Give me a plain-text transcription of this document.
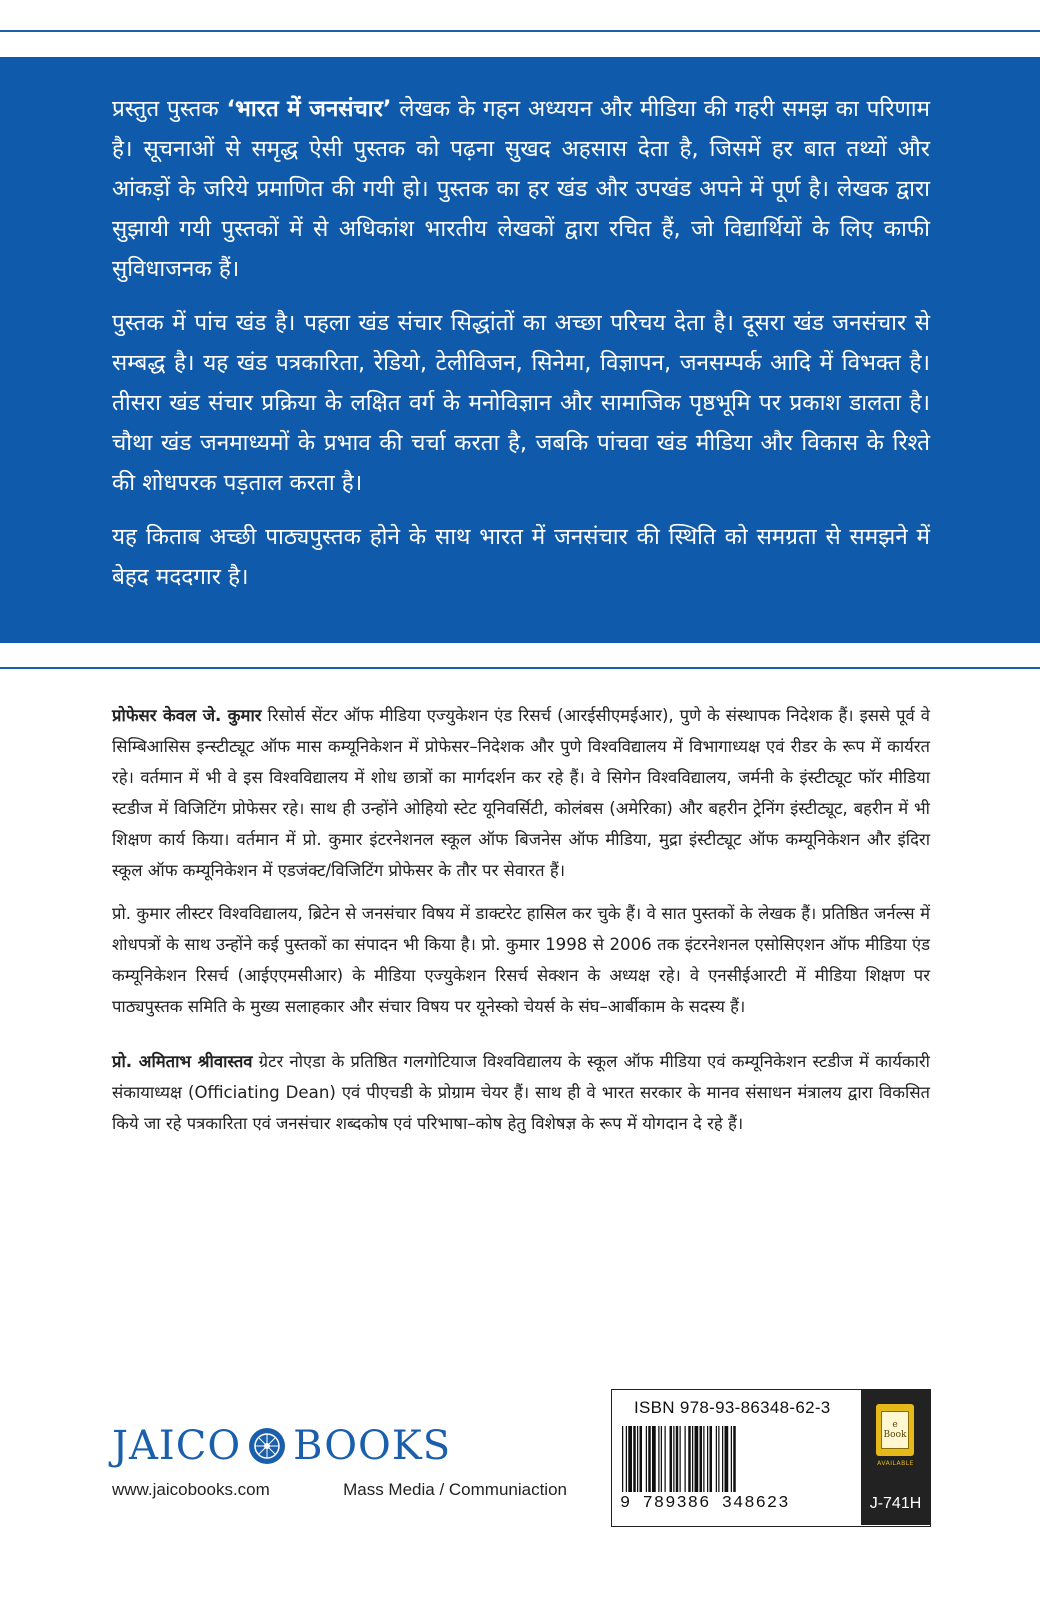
प्रस्तुत पुस्तक ‘भारत में जनसंचार’ लेखक के गहन अध्ययन और मीडिया की गहरी समझ का परिणाम है। सूचनाओं से समृद्ध ऐसी पुस्तक को पढ़ना सुखद अहसास देता है, जिसमें हर बात तथ्यों और आंकड़ों के जरिये प्रमाणित की गयी हो। पुस्तक का हर खंड और उपखंड अपने में पूर्ण है। लेखक द्वारा सुझायी गयी पुस्तकों में से अधिकांश भारतीय लेखकों द्वारा रचित हैं, जो विद्यार्थियों के लिए काफी सुविधाजनक हैं।

पुस्तक में पांच खंड है। पहला खंड संचार सिद्धांतों का अच्छा परिचय देता है। दूसरा खंड जनसंचार से सम्बद्ध है। यह खंड पत्रकारिता, रेडियो, टेलीविजन, सिनेमा, विज्ञापन, जनसम्पर्क आदि में विभक्त है। तीसरा खंड संचार प्रक्रिया के लक्षित वर्ग के मनोविज्ञान और सामाजिक पृष्ठभूमि पर प्रकाश डालता है। चौथा खंड जनमाध्यमों के प्रभाव की चर्चा करता है, जबकि पांचवा खंड मीडिया और विकास के रिश्ते की शोधपरक पड़ताल करता है।

यह किताब अच्छी पाठ्यपुस्तक होने के साथ भारत में जनसंचार की स्थिति को समग्रता से समझने में बेहद मददगार है।

प्रोफेसर केवल जे. कुमार रिसोर्स सेंटर ऑफ मीडिया एज्युकेशन एंड रिसर्च (आरईसीएमईआर), पुणे के संस्थापक निदेशक हैं। इससे पूर्व वे सिम्बिआसिस इन्स्टीट्यूट ऑफ मास कम्यूनिकेशन में प्रोफेसर–निदेशक और पुणे विश्वविद्यालय में विभागाध्यक्ष एवं रीडर के रूप में कार्यरत रहे। वर्तमान में भी वे इस विश्वविद्यालय में शोध छात्रों का मार्गदर्शन कर रहे हैं। वे सिगेन विश्वविद्यालय, जर्मनी के इंस्टीट्यूट फॉर मीडिया स्टडीज में विजिटिंग प्रोफेसर रहे। साथ ही उन्होंने ओहियो स्टेट यूनिवर्सिटी, कोलंबस (अमेरिका) और बहरीन ट्रेनिंग इंस्टीट्यूट, बहरीन में भी शिक्षण कार्य किया। वर्तमान में प्रो. कुमार इंटरनेशनल स्कूल ऑफ बिजनेस ऑफ मीडिया, मुद्रा इंस्टीट्यूट ऑफ कम्यूनिकेशन और इंदिरा स्कूल ऑफ कम्यूनिकेशन में एडजंक्ट/विजिटिंग प्रोफेसर के तौर पर सेवारत हैं।

प्रो. कुमार लीस्टर विश्वविद्यालय, ब्रिटेन से जनसंचार विषय में डाक्टरेट हासिल कर चुके हैं। वे सात पुस्तकों के लेखक हैं। प्रतिष्ठित जर्नल्स में शोधपत्रों के साथ उन्होंने कई पुस्तकों का संपादन भी किया है। प्रो. कुमार 1998 से 2006 तक इंटरनेशनल एसोसिएशन ऑफ मीडिया एंड कम्यूनिकेशन रिसर्च (आईएएमसीआर) के मीडिया एज्युकेशन रिसर्च सेक्शन के अध्यक्ष रहे। वे एनसीईआरटी में मीडिया शिक्षण पर पाठ्यपुस्तक समिति के मुख्य सलाहकार और संचार विषय पर यूनेस्को चेयर्स के संघ–आर्बीकाम के सदस्य हैं।

प्रो. अमिताभ श्रीवास्तव ग्रेटर नोएडा के प्रतिष्ठित गलगोटियाज विश्वविद्यालय के स्कूल ऑफ मीडिया एवं कम्यूनिकेशन स्टडीज में कार्यकारी संकायाध्यक्ष (Officiating Dean) एवं पीएचडी के प्रोग्राम चेयर हैं। साथ ही वे भारत सरकार के मानव संसाधन मंत्रालय द्वारा विकसित किये जा रहे पत्रकारिता एवं जनसंचार शब्दकोष एवं परिभाषा–कोष हेतु विशेषज्ञ के रूप में योगदान दे रहे हैं।

JAICO BOOKS
www.jaicobooks.com	Mass Media / Communiaction
ISBN 978-93-86348-62-3
9 789386 348623
e
Book
AVAILABLE
J-741H
